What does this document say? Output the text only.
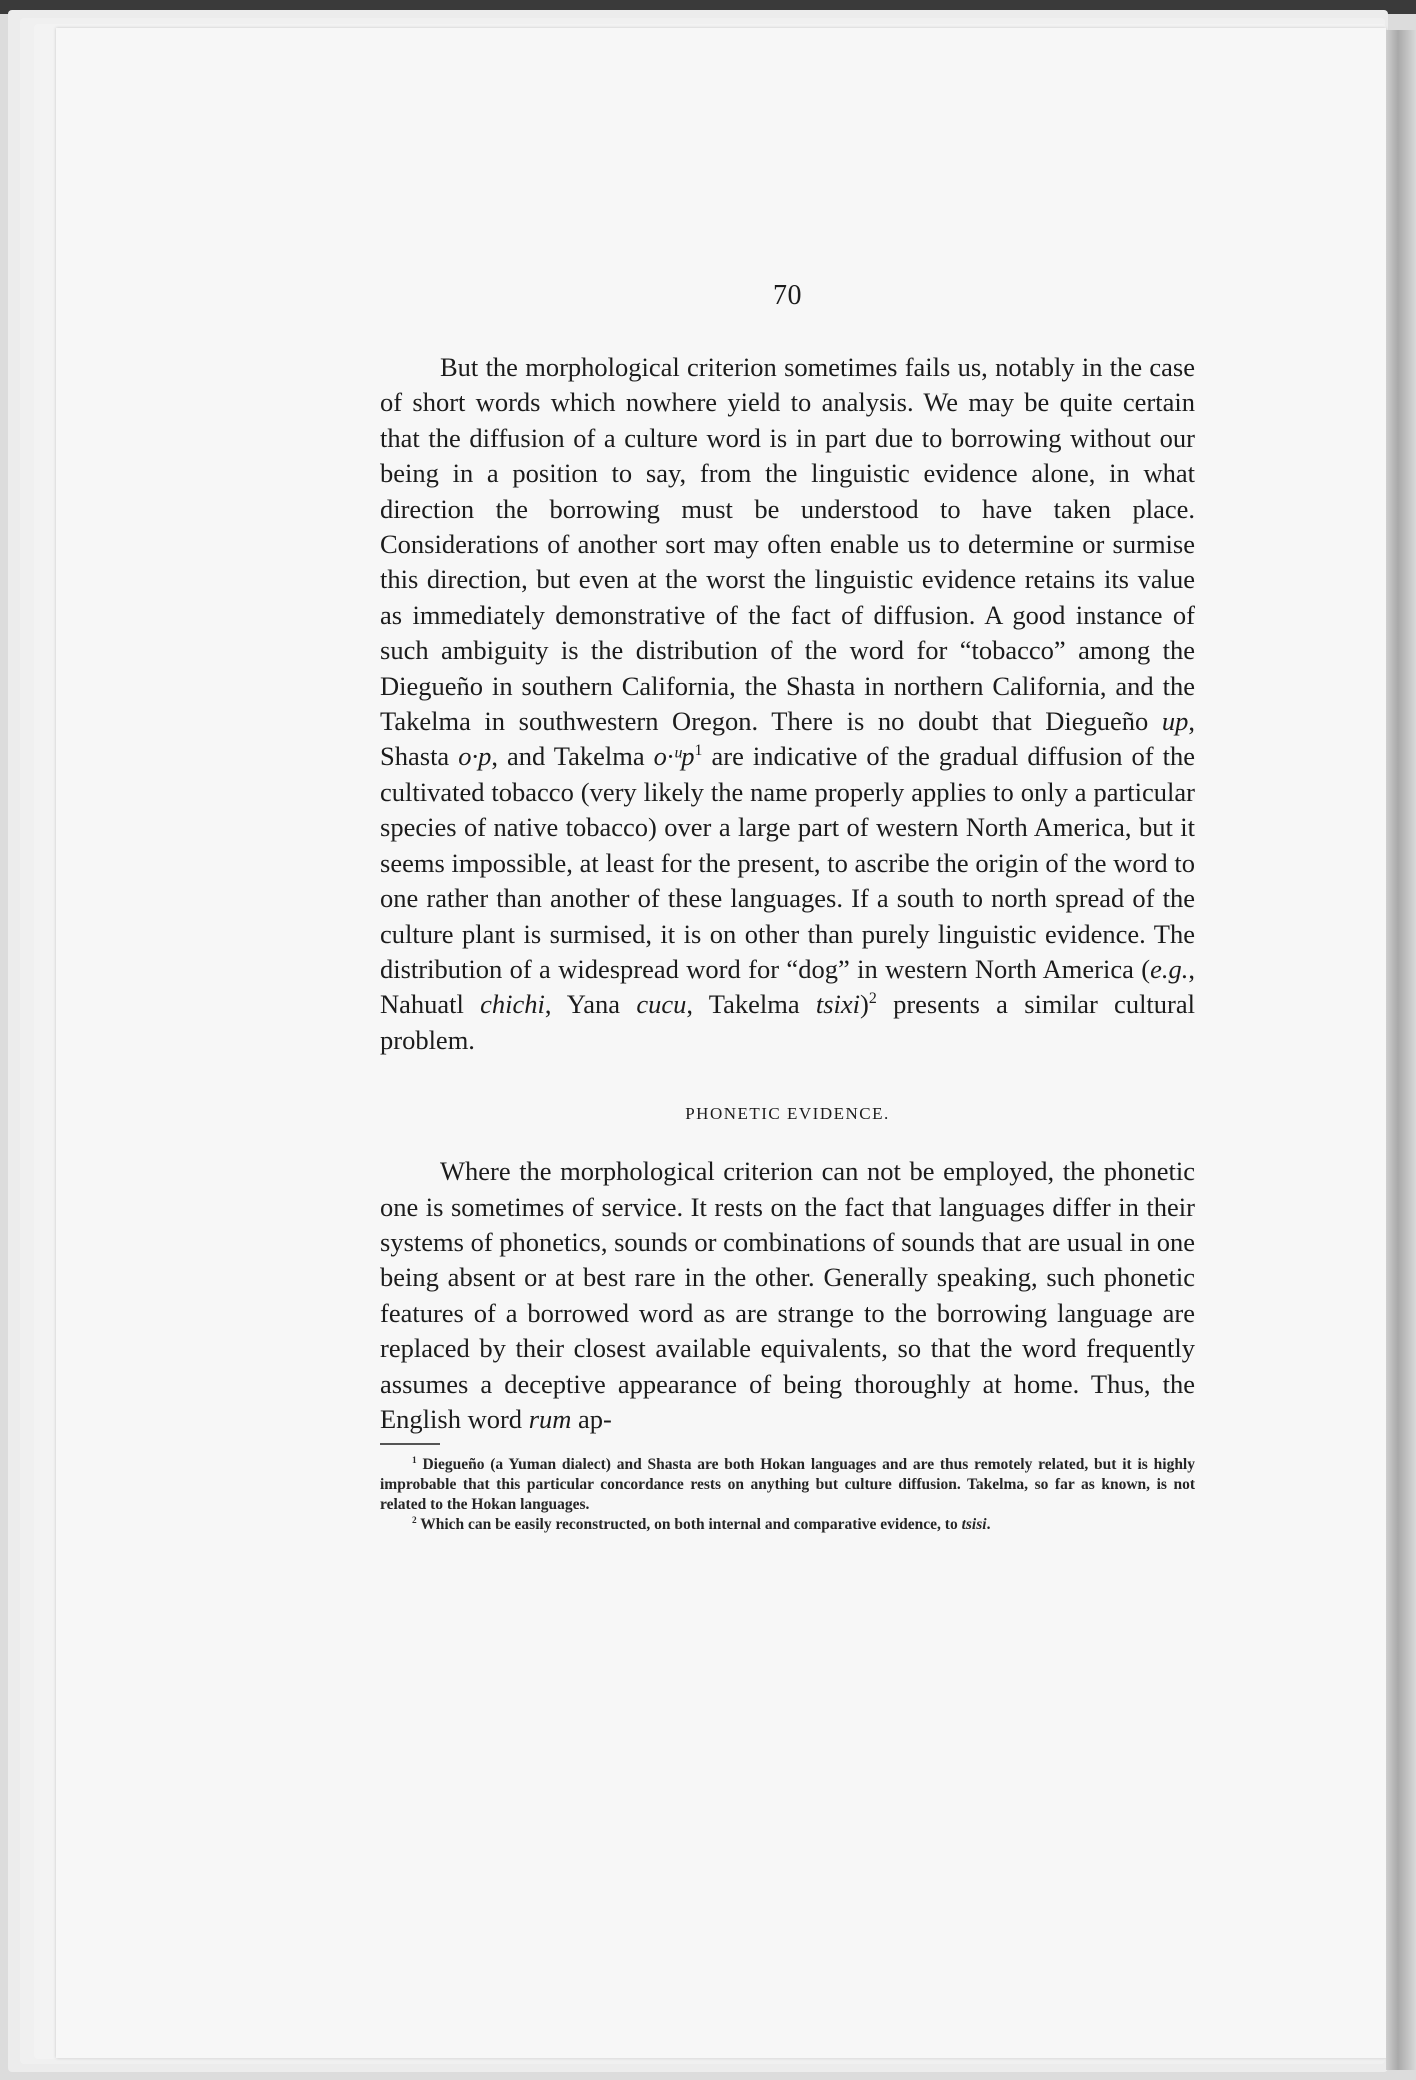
70

But the morphological criterion sometimes fails us, notably in the case of short words which nowhere yield to analysis. We may be quite certain that the diffusion of a culture word is in part due to borrowing without our being in a position to say, from the linguistic evidence alone, in what direction the borrowing must be understood to have taken place. Considerations of another sort may often enable us to determine or surmise this direction, but even at the worst the linguistic evidence retains its value as immediately demonstrative of the fact of diffusion. A good instance of such ambiguity is the distribution of the word for “tobacco” among the Diegueño in southern California, the Shasta in northern California, and the Takelma in southwestern Oregon. There is no doubt that Diegueño up, Shasta o·p, and Takelma o·ᵘp$^1$ are indicative of the gradual diffusion of the cultivated tobacco (very likely the name properly applies to only a particular species of native tobacco) over a large part of western North America, but it seems impossible, at least for the present, to ascribe the origin of the word to one rather than another of these languages. If a south to north spread of the culture plant is surmised, it is on other than purely linguistic evidence. The distribution of a widespread word for “dog” in western North America (e.g., Nahuatl chichi, Yana cucu, Takelma tsixi)$^2$ presents a similar cultural problem.

PHONETIC EVIDENCE.

Where the morphological criterion can not be employed, the phonetic one is sometimes of service. It rests on the fact that languages differ in their systems of phonetics, sounds or combinations of sounds that are usual in one being absent or at best rare in the other. Generally speaking, such phonetic features of a borrowed word as are strange to the borrowing language are replaced by their closest available equivalents, so that the word frequently assumes a deceptive appearance of being thoroughly at home. Thus, the English word rum ap-

$^1$ Diegueño (a Yuman dialect) and Shasta are both Hokan languages and are thus remotely related, but it is highly improbable that this particular concordance rests on anything but culture diffusion. Takelma, so far as known, is not related to the Hokan languages.

$^2$ Which can be easily reconstructed, on both internal and comparative evidence, to tsisi.
